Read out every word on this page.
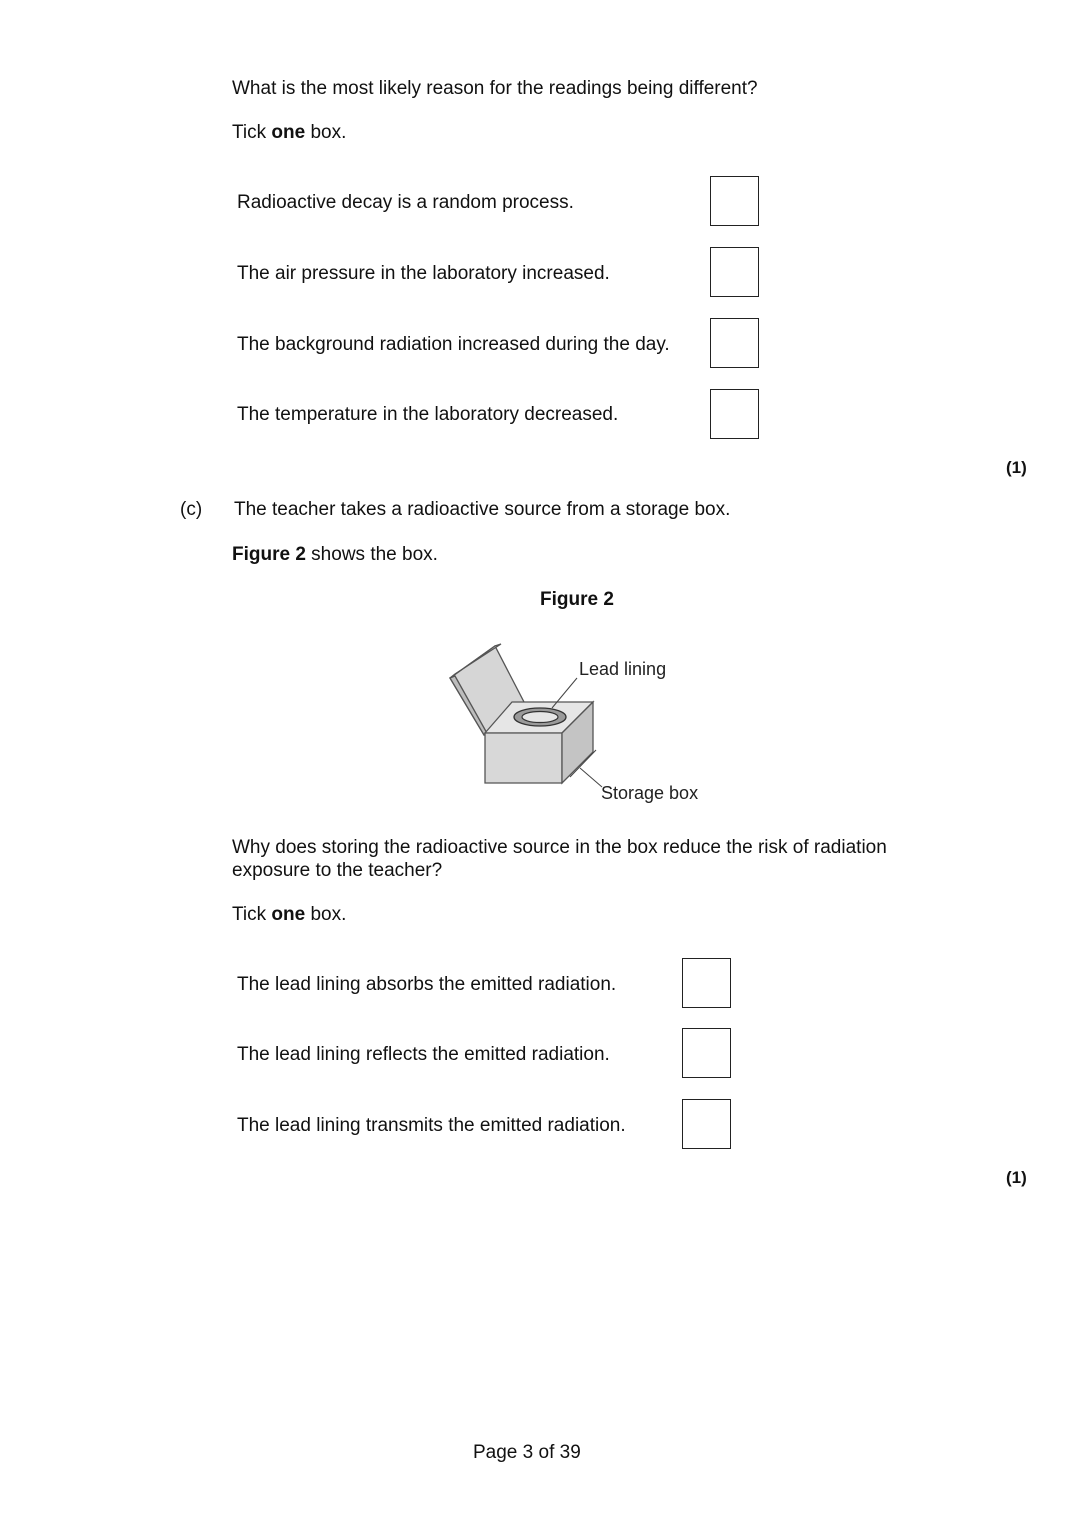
What is the most likely reason for the readings being different?
Tick one box.
Radioactive decay is a random process.
The air pressure in the laboratory increased.
The background radiation increased during the day.
The temperature in the laboratory decreased.
(1)
(c) The teacher takes a radioactive source from a storage box.
Figure 2 shows the box.
Figure 2
Lead lining
Storage box
Why does storing the radioactive source in the box reduce the risk of radiation
exposure to the teacher?
Tick one box.
The lead lining absorbs the emitted radiation.
The lead lining reflects the emitted radiation.
The lead lining transmits the emitted radiation.
(1)
Page 3 of 39
